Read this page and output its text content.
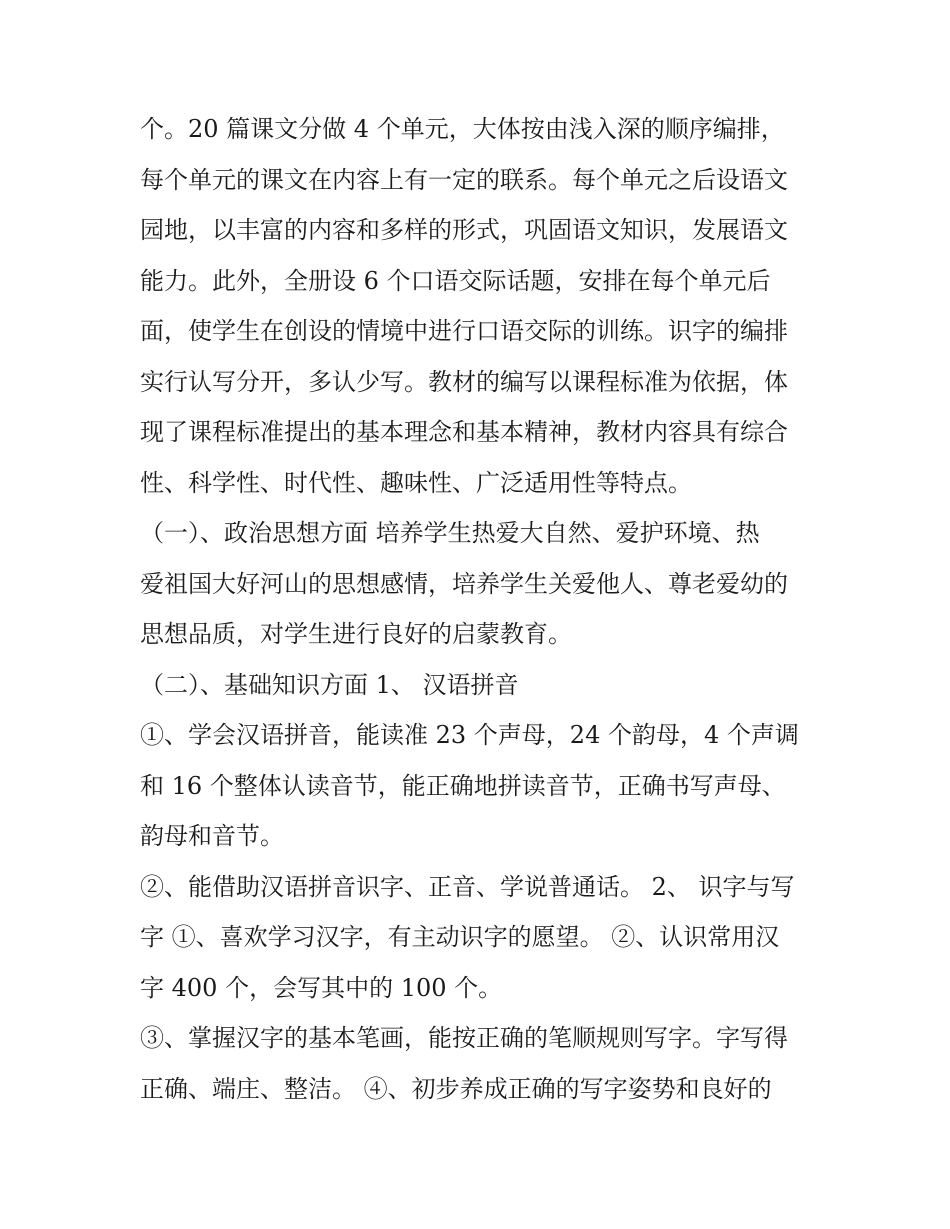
个。20 篇课文分做 4 个单元，大体按由浅入深的顺序编排，
每个单元的课文在内容上有一定的联系。每个单元之后设语文
园地，以丰富的内容和多样的形式，巩固语文知识，发展语文
能力。此外，全册设 6 个口语交际话题，安排在每个单元后
面，使学生在创设的情境中进行口语交际的训练。识字的编排
实行认写分开，多认少写。教材的编写以课程标准为依据，体
现了课程标准提出的基本理念和基本精神，教材内容具有综合
性、科学性、时代性、趣味性、广泛适用性等特点。
（一）、政治思想方面 培养学生热爱大自然、爱护环境、热
爱祖国大好河山的思想感情，培养学生关爱他人、尊老爱幼的
思想品质，对学生进行良好的启蒙教育。
（二）、基础知识方面 1、 汉语拼音
①、学会汉语拼音，能读准 23 个声母，24 个韵母，4 个声调
和 16 个整体认读音节，能正确地拼读音节，正确书写声母、
韵母和音节。
②、能借助汉语拼音识字、正音、学说普通话。 2、 识字与写
字 ①、喜欢学习汉字，有主动识字的愿望。 ②、认识常用汉
字 400 个，会写其中的 100 个。
③、掌握汉字的基本笔画，能按正确的笔顺规则写字。字写得
正确、端庄、整洁。 ④、初步养成正确的写字姿势和良好的
